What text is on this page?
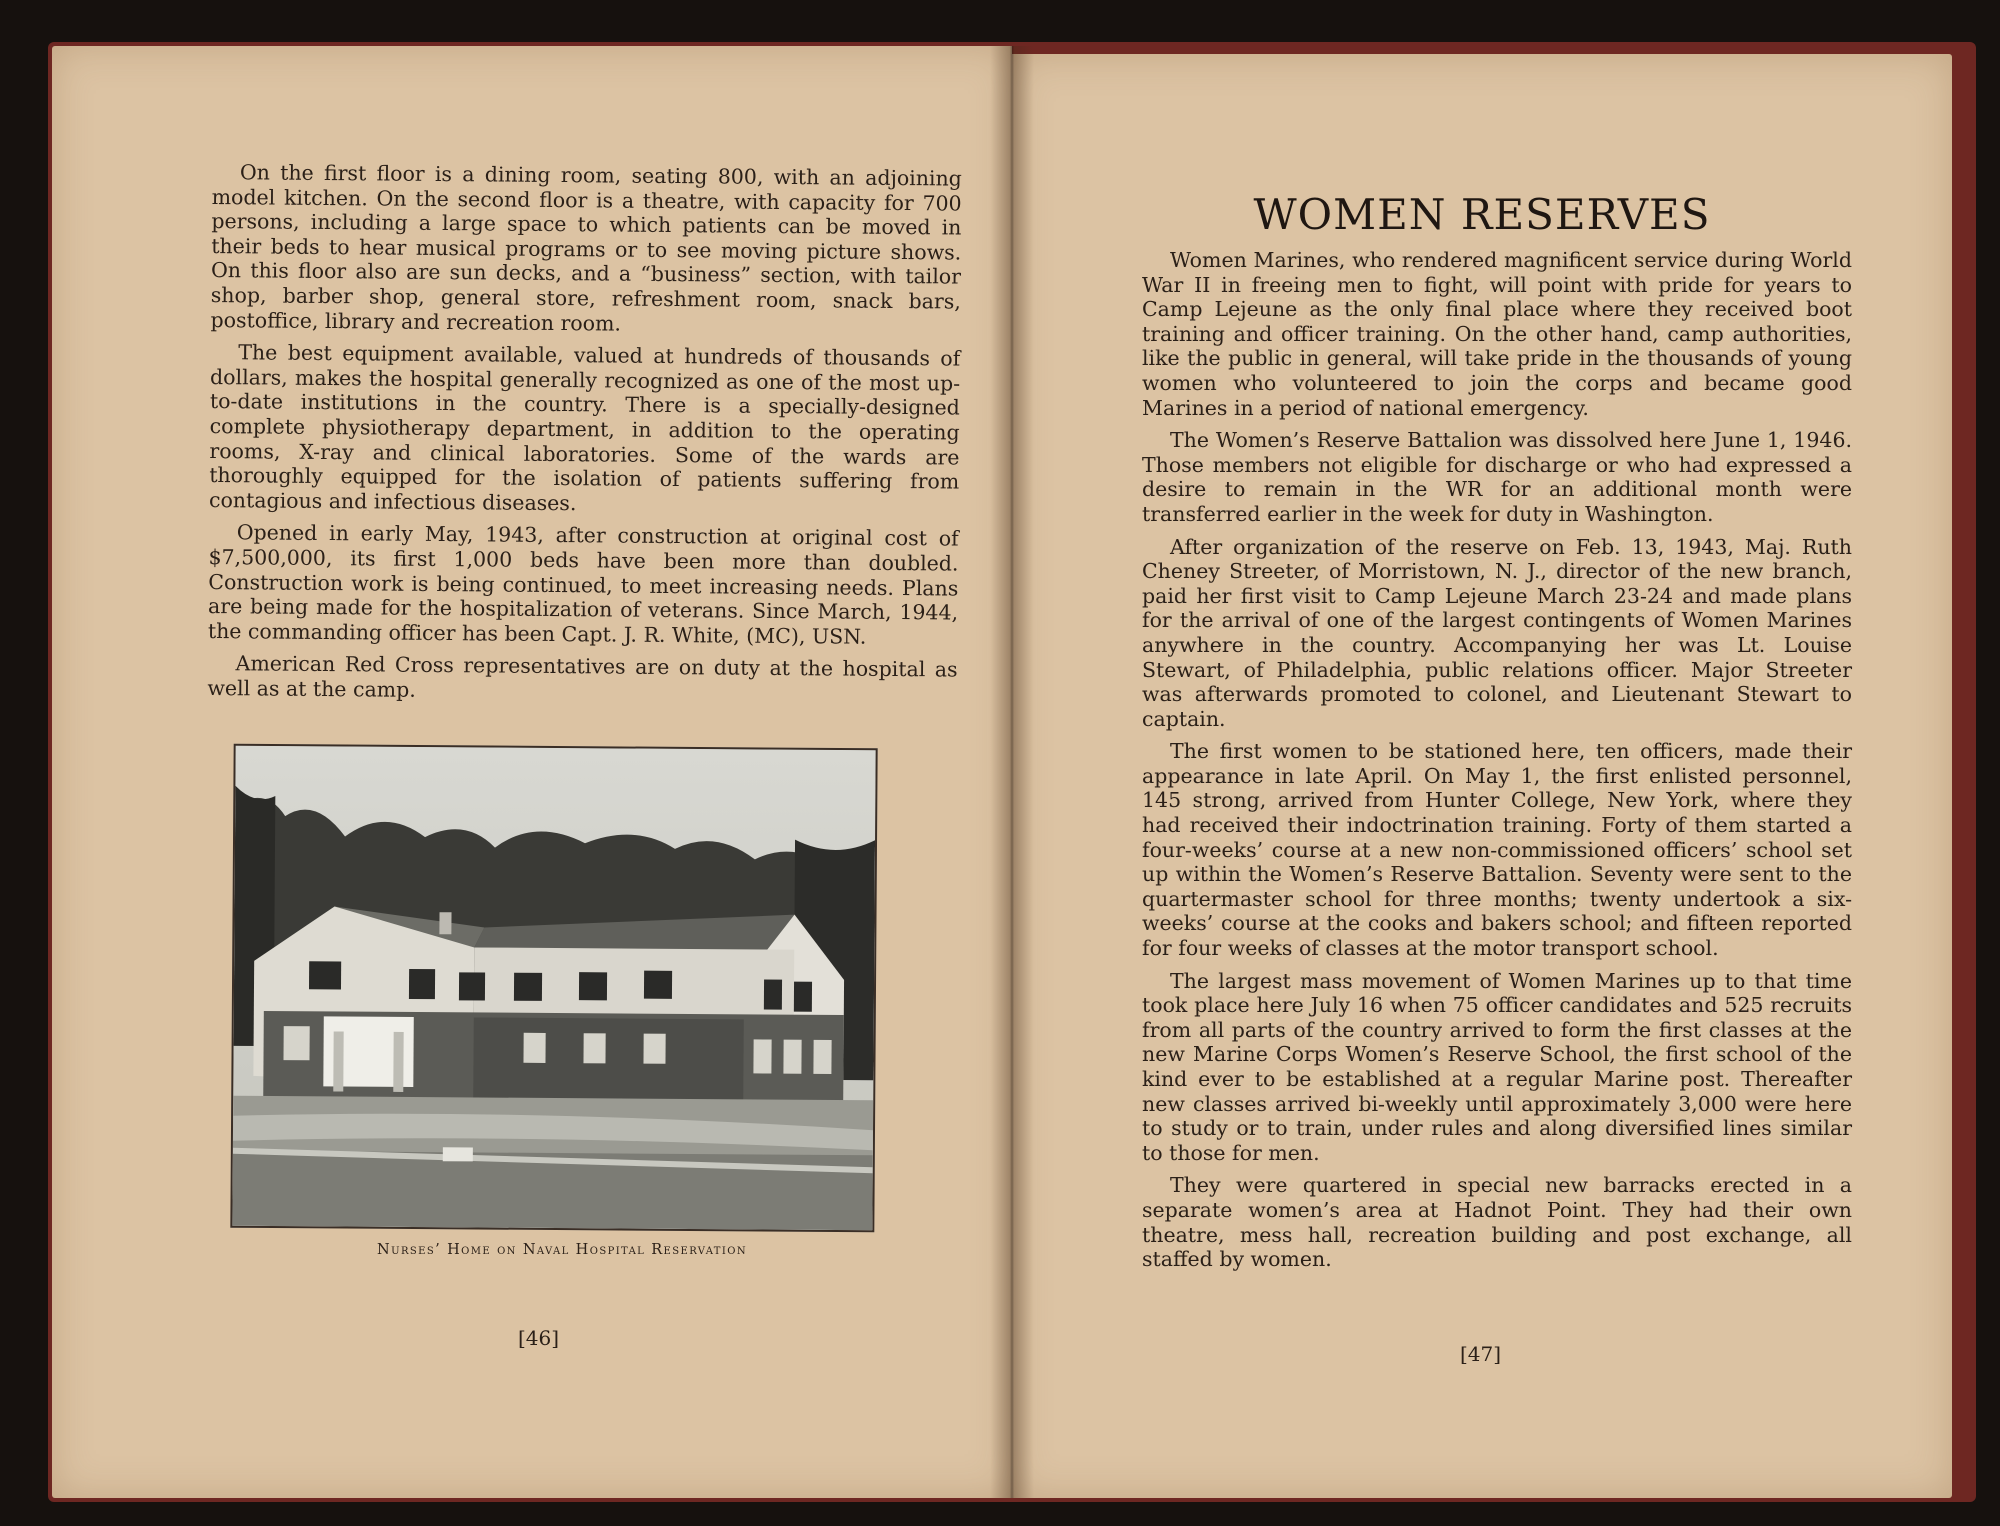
On the first floor is a dining room, seating 800, with an adjoining model kitchen. On the second floor is a theatre, with capacity for 700 persons, including a large space to which patients can be moved in their beds to hear musical programs or to see moving picture shows. On this floor also are sun decks, and a “business” section, with tailor shop, barber shop, general store, refreshment room, snack bars, postoffice, library and recreation room.

The best equipment available, valued at hundreds of thousands of dollars, makes the hospital generally recognized as one of the most up-to-date institutions in the country. There is a specially-designed complete physiotherapy department, in addition to the operating rooms, X-ray and clinical laboratories. Some of the wards are thoroughly equipped for the isolation of patients suffering from contagious and infectious diseases.

Opened in early May, 1943, after construction at original cost of $7,500,000, its first 1,000 beds have been more than doubled. Construction work is being continued, to meet increasing needs. Plans are being made for the hospitalization of veterans. Since March, 1944, the commanding officer has been Capt. J. R. White, (MC), USN.

American Red Cross representatives are on duty at the hospital as well as at the camp.

Nurses’ Home on Naval Hospital Reservation
[46]
WOMEN RESERVES

Women Marines, who rendered magnificent service during World War II in freeing men to fight, will point with pride for years to Camp Lejeune as the only final place where they received boot training and officer training. On the other hand, camp authorities, like the public in general, will take pride in the thousands of young women who volunteered to join the corps and became good Marines in a period of national emergency.

The Women’s Reserve Battalion was dissolved here June 1, 1946. Those members not eligible for discharge or who had expressed a desire to remain in the WR for an additional month were transferred earlier in the week for duty in Washington.

After organization of the reserve on Feb. 13, 1943, Maj. Ruth Cheney Streeter, of Morristown, N. J., director of the new branch, paid her first visit to Camp Lejeune March 23-24 and made plans for the arrival of one of the largest contingents of Women Marines anywhere in the country. Accompanying her was Lt. Louise Stewart, of Philadelphia, public relations officer. Major Streeter was afterwards promoted to colonel, and Lieutenant Stewart to captain.

The first women to be stationed here, ten officers, made their appearance in late April. On May 1, the first enlisted personnel, 145 strong, arrived from Hunter College, New York, where they had received their indoctrination training. Forty of them started a four-weeks’ course at a new non-commissioned officers’ school set up within the Women’s Reserve Battalion. Seventy were sent to the quartermaster school for three months; twenty undertook a six-weeks’ course at the cooks and bakers school; and fifteen reported for four weeks of classes at the motor transport school.

The largest mass movement of Women Marines up to that time took place here July 16 when 75 officer candidates and 525 recruits from all parts of the country arrived to form the first classes at the new Marine Corps Women’s Reserve School, the first school of the kind ever to be established at a regular Marine post. Thereafter new classes arrived bi-weekly until approximately 3,000 were here to study or to train, under rules and along diversified lines similar to those for men.

They were quartered in special new barracks erected in a separate women’s area at Hadnot Point. They had their own theatre, mess hall, recreation building and post exchange, all staffed by women.

[47]
